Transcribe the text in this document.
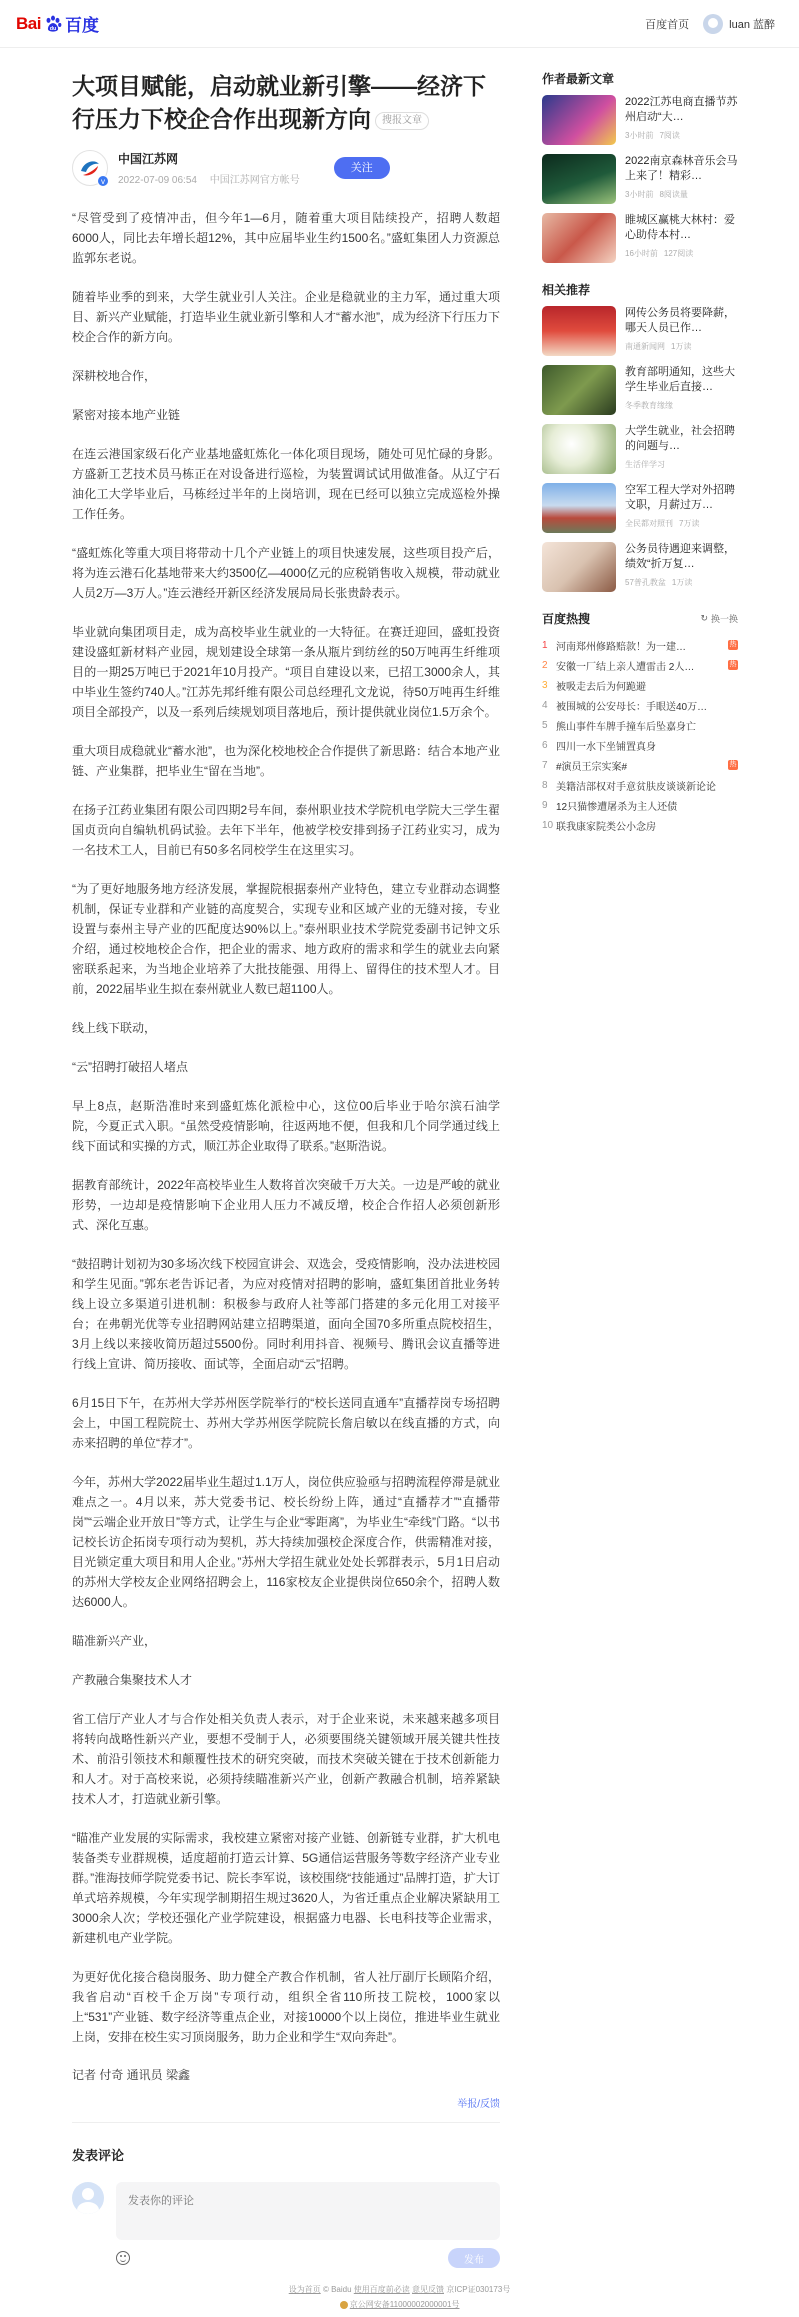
Bai du 百度	百度首页	luan 蓝醉
大项目赋能，启动就业新引擎——经济下行压力下校企合作出现新方向 搜报文章
v
中国江苏网
2022-07-09 06:54 中国江苏网官方帐号
关注

“尽管受到了疫情冲击，但今年1—6月，随着重大项目陆续投产，招聘人数超6000人，同比去年增长超12%，其中应届毕业生约1500名。”盛虹集团人力资源总监郭东老说。

随着毕业季的到来，大学生就业引人关注。企业是稳就业的主力军，通过重大项目、新兴产业赋能，打造毕业生就业新引擎和人才“蓄水池”，成为经济下行压力下校企合作的新方向。

深耕校地合作，

紧密对接本地产业链

在连云港国家级石化产业基地盛虹炼化一体化项目现场，随处可见忙碌的身影。方盛新工艺技术员马栋正在对设备进行巡检，为装置调试试用做准备。从辽宁石油化工大学毕业后，马栋经过半年的上岗培训，现在已经可以独立完成巡检外操工作任务。

“盛虹炼化等重大项目将带动十几个产业链上的项目快速发展，这些项目投产后，将为连云港石化基地带来大约3500亿—4000亿元的应税销售收入规模，带动就业人员2万—3万人。”连云港经开新区经济发展局局长张贵龄表示。

毕业就向集团项目走，成为高校毕业生就业的一大特征。在赛迁迎回，盛虹投资建设盛虹新材料产业园，规划建设全球第一条从瓶片到纺丝的50万吨再生纤维项目的一期25万吨已于2021年10月投产。“项目自建设以来，已招工3000余人，其中毕业生签约740人。”江苏先邦纤维有限公司总经理孔文龙说，待50万吨再生纤维项目全部投产，以及一系列后续规划项目落地后，预计提供就业岗位1.5万余个。

重大项目成稳就业“蓄水池”，也为深化校地校企合作提供了新思路：结合本地产业链、产业集群，把毕业生“留在当地”。

在扬子江药业集团有限公司四期2号车间，泰州职业技术学院机电学院大三学生翟国贞贡向自编轨机码试验。去年下半年，他被学校安排到扬子江药业实习，成为一名技术工人，目前已有50多名同校学生在这里实习。

“为了更好地服务地方经济发展，掌握院根据泰州产业特色，建立专业群动态调整机制，保证专业群和产业链的高度契合，实现专业和区域产业的无缝对接，专业设置与泰州主导产业的匹配度达90%以上。”泰州职业技术学院党委副书记钟文乐介绍，通过校地校企合作，把企业的需求、地方政府的需求和学生的就业去向紧密联系起来，为当地企业培养了大批技能强、用得上、留得住的技术型人才。目前，2022届毕业生拟在泰州就业人数已超1100人。

线上线下联动，

“云”招聘打破招人堵点

早上8点，赵斯浩准时来到盛虹炼化派检中心，这位00后毕业于哈尔滨石油学院，今夏正式入职。“虽然受疫情影响，往返两地不便，但我和几个同学通过线上线下面试和实操的方式，顺江苏企业取得了联系。”赵斯浩说。

据教育部统计，2022年高校毕业生人数将首次突破千万大关。一边是严峻的就业形势，一边却是疫情影响下企业用人压力不减反增，校企合作招人必须创新形式、深化互惠。

“鼓招聘计划初为30多场次线下校园宣讲会、双选会，受疫情影响，没办法进校园和学生见面。”郭东老告诉记者，为应对疫情对招聘的影响，盛虹集团首批业务转线上设立多渠道引进机制：积极参与政府人社等部门搭建的多元化用工对接平台；在弗朝光优等专业招聘网站建立招聘渠道，面向全国70多所重点院校招生，3月上线以来接收简历超过5500份。同时利用抖音、视频号、腾讯会议直播等进行线上宣讲、简历接收、面试等，全面启动“云”招聘。

6月15日下午，在苏州大学苏州医学院举行的“校长送同直通车”直播荐岗专场招聘会上，中国工程院院士、苏州大学苏州医学院院长詹启敏以在线直播的方式，向赤来招聘的单位“荐才”。

今年，苏州大学2022届毕业生超过1.1万人，岗位供应验亟与招聘流程停滞是就业难点之一。4月以来，苏大党委书记、校长纷纷上阵，通过“直播荐才”“直播带岗”“云端企业开放日”等方式，让学生与企业“零距离”，为毕业生“牵线”门路。“以书记校长访企拓岗专项行动为契机，苏大持续加强校企深度合作，供需精准对接，目光锁定重大项目和用人企业。”苏州大学招生就业处处长郭群表示，5月1日启动的苏州大学校友企业网络招聘会上，116家校友企业提供岗位650余个，招聘人数达6000人。

瞄准新兴产业，

产教融合集聚技术人才

省工信厅产业人才与合作处相关负责人表示，对于企业来说，未来越来越多项目将转向战略性新兴产业，要想不受制于人，必须要围绕关键领域开展关键共性技术、前沿引领技术和颠覆性技术的研究突破，而技术突破关键在于技术创新能力和人才。对于高校来说，必须持续瞄准新兴产业，创新产教融合机制，培养紧缺技术人才，打造就业新引擎。

“瞄准产业发展的实际需求，我校建立紧密对接产业链、创新链专业群，扩大机电装备类专业群规模，适度超前打造云计算、5G通信运营服务等数字经济产业专业群。”淮海技师学院党委书记、院长李军说，该校围绕“技能通过”品牌打造，扩大订单式培养规模，今年实现学制期招生规过3620人，为省迁重点企业解决紧缺用工3000余人次；学校还强化产业学院建设，根据盛力电器、长电科技等企业需求，新建机电产业学院。

为更好优化接合稳岗服务、助力健全产教合作机制，省人社厅副厅长顾陷介绍，我省启动“百校千企万岗”专项行动，组织全省110所技工院校，1000家以上“531”产业链、数字经济等重点企业，对接10000个以上岗位，推进毕业生就业上岗，安排在校生实习顶岗服务，助力企业和学生“双向奔赴”。

记者 付奇 通讯员 梁鑫
举报/反馈
发表评论
发表你的评论
发布
作者最新文章
2022江苏电商直播节苏州启动“大…
3小时前 7阅读
2022南京森林音乐会马上来了！精彩…
3小时前 8阅读量
睢城区赢桃大林村：爱心助侍本村…
16小时前 127阅读
相关推荐
网传公务员将要降薪，哪天人员已作…
南通新闻网 1万读
教育部明通知，这些大学生毕业后直接…
冬季教育缘缘
大学生就业，社会招聘的问题与…
生活伴学习
空军工程大学对外招聘文职，月薪过万…
全民都对照刊 7万读
公务员待遇迎来调整，绩效“折万复…
57普孔教盆 1万读
百度热搜	↻ 换一换
1 河南郑州修路赔款！为一建…	热
2 安徽一厂结上亲人遭雷击 2人…	热
3 被吸走去后为何跪避
4 被围城的公安母长：手眼送40万…
5 熊山事件车牌手撞车后坠嘉身亡
6 四川一水下坐铺置真身
7 #演员王宗实案#	热
8 美籍洁部权对手意贫肤皮谈谈新论论
9 12只猫惨遭屠杀为主人还债
10 联我康家院类公小念房
设为首页 © Baidu 使用百度前必读 意见反馈 京ICP证030173号
京公网安备11000002000001号
